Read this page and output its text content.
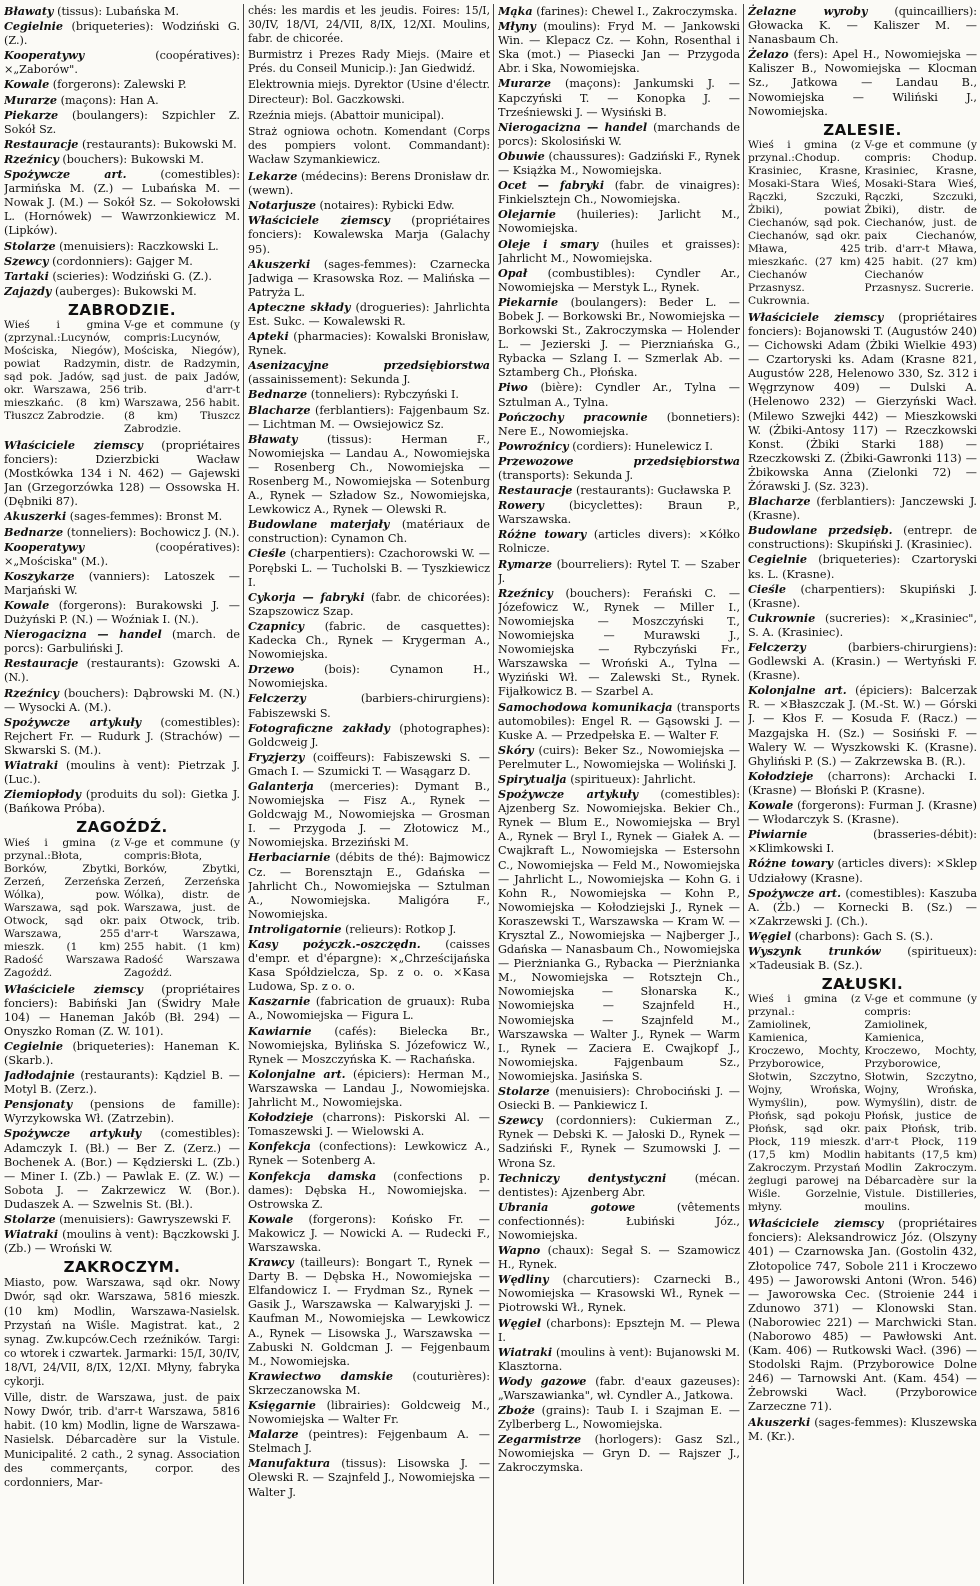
Bławaty (tissus): Lubańska M.

Cegielnie (briqueteries): Wodziński G. (Z.).

Kooperatywy	(coopératives): ×„Zaborów".

Kowale (forgerons): Zalewski P.

Murarze (maçons): Han A.

Piekarze (boulangers): Szpichler Z. Sokół Sz.

Restauracje (restaurants): Bukowski M.

Rzeźnicy (bouchers): Bukowski M.

Spożywcze art.	(comestibles): Jarmińska M. (Z.) — Lubańska M. — Nowak J. (M.) — Sokół Sz. — Sokołowski L. (Hornówek) — Wawrzonkiewicz M. (Lipków).

Stolarze (menuisiers): Raczkowski L.

Szewcy (cordonniers): Gajger M.

Tartaki (scieries): Wodziński G. (Z.).

Zajazdy (auberges): Bukowski M.

ZABRODZIE.
Wieś i gmina (zprzynal.:Lucynów, Mościska, Niegów), powiat Radzymin, sąd pok. Jadów, sąd okr. Warszawa, 256 mieszkańc. (8 km) Tłuszcz Zabrodzie.
V-ge et commune (y compris:Lucynów, Mościska, Niegów), distr. de Radzymin, just. de paix Jadów, trib. d'arr-t Warszawa, 256 habit. (8 km) Tłuszcz Zabrodzie.

Właściciele ziemscy (propriétaires fonciers): Dzierzbicki Wacław (Mostkówka 134 i N. 462) — Gajewski Jan (Grzegorzówka 128) — Ossowska H. (Dębniki 87).

Akuszerki (sages-femmes): Bronst M.

Bednarze (tonneliers): Bochowicz J. (N.).

Kooperatywy	(coopératives): ×„Mościska" (M.).

Koszykarze (vanniers): Latoszek — Marjański W.

Kowale (forgerons): Burakowski J. — Dużyński P. (N.) — Woźniak I. (N.).

Nierogacizna — handel (march. de porcs): Garbuliński J.

Restauracje (restaurants): Gzowski A. (N.).

Rzeźnicy (bouchers): Dąbrowski M. (N.) — Wysocki A. (M.).

Spożywcze artykuły (comestibles): Rejchert Fr. — Rudurk J. (Strachów) — Skwarski S. (M.).

Wiatraki (moulins à vent): Pietrzak J. (Luc.).

Ziemiopłody (produits du sol): Gietka J. (Bańkowa Próba).

ZAGOŹDŹ.
Wieś i gmina (z przynal.:Błota, Borków, Zbytki, Zerzeń, Zerzeńska Wólka), pow. Warszawa, sąd pok. Otwock, sąd okr. Warszawa, 255 mieszk. (1 km) Radość Warszawa Zagoźdź.
V-ge et commune (y compris:Błota, Borków, Zbytki, Zerzeń, Zerzeńska Wólka), distr. de Warszawa, just. de paix Otwock, trib. d'arr-t Warszawa, 255 habit. (1 km) Radość Warszawa Zagoźdź.

Właściciele ziemscy (propriétaires fonciers): Babiński Jan (Świdry Małe 104) — Haneman Jakób (Bł. 294) — Onyszko Roman (Z. W. 101).

Cegielnie (briqueteries): Haneman K. (Skarb.).

Jadłodajnie (restaurants): Kądziel B. — Motyl B. (Zerz.).

Pensjonaty (pensions de famille): Wyrzykowska Wł. (Zatrzebin).

Spożywcze artykuły (comestibles): Adamczyk I. (Bł.) — Ber Z. (Zerz.) — Bochenek A. (Bor.) — Kędzierski L. (Zb.) — Miner I. (Zb.) — Pawlak E. (Z. W.) — Sobota J. — Zakrzewicz W. (Bor.). Dudaszek A. — Szwelnis St. (Bł.).

Stolarze (menuisiers): Gawryszewski F.

Wiatraki (moulins à vent): Bączkowski J. (Zb.) — Wroński W.

ZAKROCZYM.

Miasto, pow. Warszawa, sąd okr. Nowy Dwór, sąd okr. Warszawa, 5816 mieszk. (10 km) Modlin, Warszawa-Nasielsk. Przystań na Wiśle. Magistrat. kat., 2 synag. Zw.kupców.Cech rzeźników. Targi: co wtorek i czwartek. Jarmarki: 15/I, 30/IV, 18/VI, 24/VII, 8/IX, 12/XI. Młyny, fabryka cykorji.

Ville, distr. de Warszawa, just. de paix Nowy Dwór, trib. d'arr-t Warszawa, 5816 habit. (10 km) Modlin, ligne de Warszawa-Nasielsk. Débarcadère sur la Vistule. Municipalité. 2 cath., 2 synag. Association des commerçants, corpor. des cordonniers, Mar-

chés: les mardis et les jeudis. Foires: 15/I, 30/IV, 18/VI, 24/VII, 8/IX, 12/XI. Moulins, fabr. de chicorée.

Burmistrz i Prezes Rady Miejs. (Maire et Prés. du Conseil Municip.): Jan Giedwidź.

Elektrownia miejs. Dyrektor (Usine d'électr. Directeur): Bol. Gaczkowski.

Rzeźnia miejs. (Abattoir municipal).

Straż ogniowa ochotn. Komendant (Corps des pompiers volont. Commandant): Wacław Szymankiewicz.

Lekarze (médecins): Berens Dronisław dr. (wewn).

Notarjusze (notaires): Rybicki Edw.

Właściciele ziemscy (propriétaires fonciers): Kowalewska Marja (Galachy 95).

Akuszerki (sages-femmes): Czarnecka Jadwiga — Krasowska Roz. — Malińska — Patryża L.

Apteczne składy (drogueries): Jahrlichta Est. Sukc. — Kowalewski R.

Apteki (pharmacies): Kowalski Bronisław, Rynek.

Asenizacyjne przedsiębiorstwa (assainissement): Sekunda J.

Bednarze (tonneliers): Rybczyński I.

Blacharze (ferblantiers): Fajgenbaum Sz. — Lichtman M. — Owsiejowicz Sz.

Bławaty	(tissus): Herman F., Nowomiejska — Landau A., Nowomiejska — Rosenberg Ch., Nowomiejska — Rosenberg M., Nowomiejska — Sotenburg A., Rynek — Szładow Sz., Nowomiejska, Lewkowicz A., Rynek — Olewski R.

Budowlane materjały (matériaux de construction): Cynamon Ch.

Cieśle (charpentiers): Czachorowski W. — Porębski L. — Tucholski B. — Tyszkiewicz I.

Cykorja — fabryki (fabr. de chicorées): Szapszowicz Szap.

Czapnicy (fabric. de casquettes): Kadecka Ch., Rynek — Krygerman A., Nowomiejska.

Drzewo	(bois): Cynamon H., Nowomiejska.

Felczerzy	(barbiers-chirurgiens): Fabiszewski S.

Fotograficzne zakłady (photographes): Goldcweig J.

Fryzjerzy (coiffeurs): Fabiszewski S. — Gmach I. — Szumicki T. — Wasągarz D.

Galanterja (merceries): Dymant B., Nowomiejska — Fisz A., Rynek — Goldcwajg M., Nowomiejska — Grosman I. — Przygoda J. — Złotowicz M., Nowomiejska. Brzeziński M.

Herbaciarnie (débits de thé): Bajmowicz Cz. — Borensztajn E., Gdańska — Jahrlicht Ch., Nowomiejska — Sztulman A., Nowomiejska. Maligóra F., Nowomiejska.

Introligatornie (relieurs): Rotkop J.

Kasy pożyczk.-oszczędn. (caisses d'empr. et d'épargne): ×„Chrześcijańska Kasa Spółdzielcza, Sp. z o. o. ×Kasa Ludowa, Sp. z o. o.

Kaszarnie (fabrication de gruaux): Ruba A., Nowomiejska — Figura L.

Kawiarnie (cafés): Bielecka Br., Nowomiejska, Bylińska S. Józefowicz W., Rynek — Moszczyńska K. — Rachańska.

Kolonjalne art. (épiciers): Herman M., Warszawska — Landau J., Nowomiejska. Jahrlicht M., Nowomiejska.

Kołodzieje (charrons): Piskorski Al. — Tomaszewski J. — Wielowski A.

Konfekcja (confections): Lewkowicz A., Rynek — Sotenberg A.

Konfekcja damska (confections p. dames): Dębska H., Nowomiejska. — Ostrowska Z.

Kowale (forgerons): Końsko Fr. — Makowicz J. — Nowicki A. — Rudecki F., Warszawska.

Krawcy (tailleurs): Bongart T., Rynek — Darty B. — Dębska H., Nowomiejska — Elfandowicz I. — Frydman Sz., Rynek — Gasik J., Warszawska — Kalwaryjski J. — Kaufman M., Nowomiejska — Lewkowicz A., Rynek — Lisowska J., Warszawska — Zabuski N. Goldcman J. — Fejgenbaum M., Nowomiejska.

Krawiectwo damskie (couturières): Skrzeczanowska M.

Księgarnie (librairies): Goldcweig M., Nowomiejska — Walter Fr.

Malarze (peintres): Fejgenbaum A. — Stelmach J.

Manufaktura (tissus): Lisowska J. — Olewski R. — Szajnfeld J., Nowomiejska — Walter J.

Mąka (farines): Chewel I., Zakroczymska.

Młyny (moulins): Fryd M. — Jankowski Win. — Klepacz Cz. — Kohn, Rosenthal i Ska (mot.) — Piasecki Jan — Przygoda Abr. i Ska, Nowomiejska.

Murarze (maçons): Jankumski J. — Kapczyński T. — Konopka J. — Trześniewski J. — Wysiński B.

Nierogacizna — handel (marchands de porcs): Skolosiński W.

Obuwie (chaussures): Gadziński F., Rynek — Książka M., Nowomiejska.

Ocet — fabryki (fabr. de vinaigres): Finkielsztejn Ch., Nowomiejska.

Olejarnie (huileries): Jarlicht M., Nowomiejska.

Oleje i smary (huiles et graisses): Jahrlicht M., Nowomiejska.

Opał (combustibles): Cyndler Ar., Nowomiejska — Merstyk L., Rynek.

Piekarnie (boulangers): Beder L. — Bobek J. — Borkowski Br., Nowomiejska — Borkowski St., Zakroczymska — Holender L. — Jezierski J. — Pierzniańska G., Rybacka — Szlang I. — Szmerlak Ab. — Sztamberg Ch., Płońska.

Piwo (bière): Cyndler Ar., Tylna — Sztulman A., Tylna.

Pończochy pracownie (bonnetiers): Nere E., Nowomiejska.

Powroźnicy (cordiers): Hunelewicz I.

Przewozowe przedsiębiorstwa (transports): Sekunda J.

Restauracje (restaurants): Gucławska P.

Rowery (bicyclettes): Braun P., Warszawska.

Różne towary (articles divers): ×Kółko Rolnicze.

Rymarze (bourreliers): Rytel T. — Szaber J.

Rzeźnicy (bouchers): Ferański C. — Józefowicz W., Rynek — Miller I., Nowomiejska — Moszczyński T., Nowomiejska — Murawski J., Nowomiejska — Rybczyński Fr., Warszawska — Wroński A., Tylna — Wyziński Wł. — Zalewski St., Rynek. Fijałkowicz B. — Szarbel A.

Samochodowa komunikacja (transports automobiles): Engel R. — Gąsowski J. — Kuske A. — Przedpełska E. — Walter F.

Skóry (cuirs): Beker Sz., Nowomiejska — Perelmuter L., Nowomiejska — Woliński J.

Spirytualja (spiritueux): Jahrlicht.

Spożywcze artykuły (comestibles): Ajzenberg Sz. Nowomiejska. Bekier Ch., Rynek — Blum E., Nowomiejska — Bryl A., Rynek — Bryl I., Rynek — Giałek A. — Cwajkraft L., Nowomiejska — Estersohn C., Nowomiejska — Feld M., Nowomiejska — Jahrlicht L., Nowomiejska — Kohn G. i Kohn R., Nowomiejska — Kohn P., Nowomiejska — Kołodziejski J., Rynek — Koraszewski T., Warszawska — Kram W. — Krysztal Z., Nowomiejska — Najberger J., Gdańska — Nanasbaum Ch., Nowomiejska — Pierżnianka G., Rybacka — Pierżnianka M., Nowomiejska — Rotsztejn Ch., Nowomiejska — Słonarska K., Nowomiejska — Szajnfeld H., Nowomiejska — Szajnfeld M., Warszawska — Walter J., Rynek — Warm I., Rynek — Zaciera E. Cwajkopf J., Nowomiejska. Fajgenbaum Sz., Nowomiejska. Jasińska S.

Stolarze (menuisiers): Chrobociński J. — Osiecki B. — Pankiewicz I.

Szewcy (cordonniers): Cukierman Z., Rynek — Debski K. — Jałoski D., Rynek — Sadziński F., Rynek — Szumowski J. — Wrona Sz.

Techniczy dentystyczni	(mécan. dentistes): Ajzenberg Abr.

Ubrania gotowe	(vêtements confectionnés): Łubiński Józ., Nowomiejska.

Wapno (chaux): Segał S. — Szamowicz H., Rynek.

Wędliny (charcutiers): Czarnecki B., Nowomiejska — Krasowski Wł., Rynek — Piotrowski Wł., Rynek.

Węgiel (charbons): Epsztejn M. — Plewa I.

Wiatraki (moulins à vent): Bujanowski M. Klasztorna.

Wody gazowe (fabr. d'eaux gazeuses): „Warszawianka", wł. Cyndler A., Jatkowa.

Zboże (grains): Taub I. i Szajman E. — Zylberberg L., Nowomiejska.

Zegarmistrze (horlogers): Gasz Szl., Nowomiejska — Gryn D. — Rajszer J., Zakroczymska.

Żelazne wyroby (quincailliers): Głowacka K. — Kaliszer M. — Nanasbaum Ch.

Żelazo (fers): Apel H., Nowomiejska — Kaliszer B., Nowomiejska — Klocman Sz., Jatkowa — Landau B., Nowomiejska — Wiliński J., Nowomiejska.

ZALESIE.
Wieś i gmina (z przynal.:Chodup. Krasiniec, Krasne, Mosaki-Stara Wieś, Rączki, Szczuki, Żbiki), powiat Ciechanów, sąd pok. Ciechanów, sąd okr. Mława, 425 mieszkańc. (27 km) Ciechanów Przasnysz. Cukrownia.
V-ge et commune (y compris: Chodup. Krasiniec, Krasne, Mosaki-Stara Wieś, Rączki, Szczuki, Żbiki), distr. de Ciechanów, just. de paix Ciechanów, trib. d'arr-t Mława, 425 habit. (27 km) Ciechanów Przasnysz. Sucrerie.

Właściciele ziemscy (propriétaires fonciers): Bojanowski T. (Augustów 240) — Cichowski Adam (Żbiki Wielkie 493) — Czartoryski ks. Adam (Krasne 821, Augustów 228, Helenowo 330, Sz. 312 i Węgrzynow 409) — Dulski A. (Helenowo 232) — Gierzyński Wacł. (Milewo Szwejki 442) — Mieszkowski W. (Żbiki-Antosy 117) — Rzeczkowski Konst. (Żbiki Starki 188) — Rzeczkowski Z. (Żbiki-Gawronki 113) — Żbikowska Anna (Zielonki 72) — Żórawski J. (Sz. 323).

Blacharze (ferblantiers): Janczewski J. (Krasne).

Budowlane przedsięb. (entrepr. de constructions): Skupiński J. (Krasiniec).

Cegielnie (briqueteries): Czartoryski ks. L. (Krasne).

Cieśle (charpentiers): Skupiński J. (Krasne).

Cukrownie (sucreries): ×„Krasiniec", S. A. (Krasiniec).

Felczerzy	(barbiers-chirurgiens): Godlewski A. (Krasin.) — Wertyński F. (Krasne).

Kolonjalne art. (épiciers): Balcerzak R. — ×Błaszczak J. (M.-St. W.) — Górski J. — Kłos F. — Kosuda F. (Racz.) — Mazgajska H. (Sz.) — Sosiński F. — Walery W. — Wyszkowski K. (Krasne). Ghyliński P. (S.) — Zakrzewska B. (R.).

Kołodzieje (charrons): Archacki I. (Krasne) — Błoński P. (Krasne).

Kowale (forgerons): Furman J. (Krasne) — Włodarczyk S. (Krasne).

Piwiarnie	(brasseries-débit): ×Klimkowski I.

Różne towary (articles divers): ×Sklep Udziałowy (Krasne).

Spożywcze art. (comestibles): Kaszuba A. (Żb.) — Kornecki B. (Sz.) — ×Zakrzewski J. (Ch.).

Węgiel (charbons): Gach S. (S.).

Wyszynk trunków (spiritueux): ×Tadeusiak B. (Sz.).

ZAŁUSKI.
Wieś i gmina (z przynal.: Zamiolinek, Kamienica, Kroczewo, Mochty, Przyborowice, Słotwin, Szczytno, Wojny, Wrońska, Wymyślin), pow. Płońsk, sąd pokoju Płońsk, sąd okr. Płock, 119 mieszk. (17,5 km) Modlin Zakroczym. Przystań żeglugi parowej na Wiśle. Gorzelnie, młyny.
V-ge et commune (y compris: Zamiolinek, Kamienica, Kroczewo, Mochty, Przyborowice, Słotwin, Szczytno, Wojny, Wrońska, Wymyślin), distr. de Płońsk, justice de paix Płońsk, trib. d'arr-t Płock, 119 habitants (17,5 km) Modlin Zakroczym. Débarcadère sur la Vistule. Distilleries, moulins.

Właściciele ziemscy (propriétaires fonciers): Aleksandrowicz Józ. (Olszyny 401) — Czarnowska Jan. (Gostolin 432, Złotopolice 747, Sobole 211 i Kroczewo 495) — Jaworowski Antoni (Wron. 546) — Jaworowska Cec. (Stroienie 244 i Zdunowo 371) — Klonowski Stan. (Naborowiec 221) — Marchwicki Stan. (Naborowo 485) — Pawłowski Ant. (Kam. 406) — Rutkowski Wacł. (396) — Stodolski Rajm. (Przyborowice Dolne 246) — Tarnowski Ant. (Kam. 454) — Żebrowski Wacł. (Przyborowice Zarzeczne 71).

Akuszerki (sages-femmes): Kluszewska M. (Kr.).
